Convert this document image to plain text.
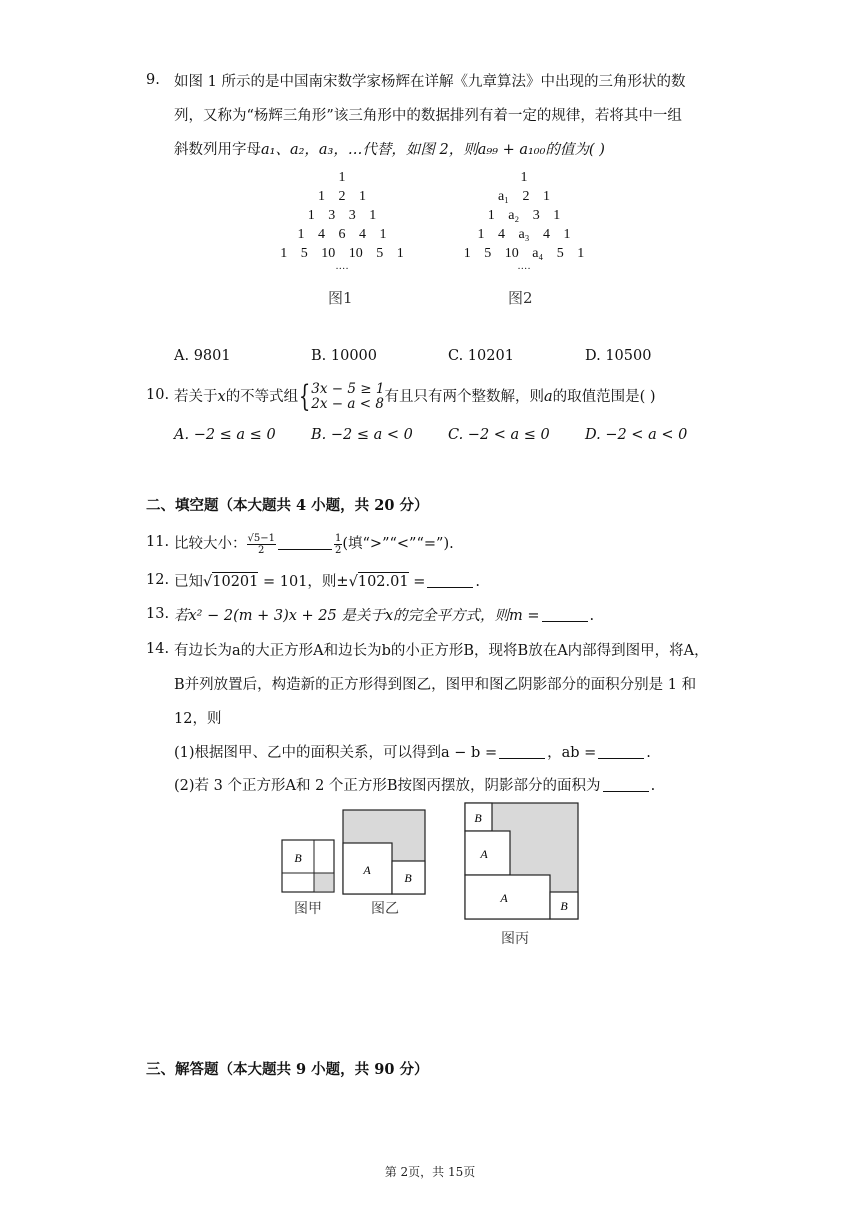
9. 如图 1 所示的是中国南宋数学家杨辉在详解《九章算法》中出现的三角形状的数
列，又称为“杨辉三角形”该三角形中的数据排列有着一定的规律，若将其中一组
斜数列用字母a₁、a₂，a₃，…代替，如图 2，则a₉₉ + a₁₀₀的值为( )
1
1 2 1
1 3 3 1
1 4 6 4 1
1 5 10 10 5 1
····
图1
1
a₁ 2 1
1 a₂ 3 1
1 4 a₃ 4 1
1 5 10 a₄ 5 1
····
图2
A. 9801	B. 10000	C. 10201	D. 10500
10. 若关于x的不等式组{ 3x − 5 ≥ 1
2x − a < 8 有且只有两个整数解，则a的取值范围是( )
A. −2 ≤ a ≤ 0 B. −2 ≤ a < 0 C. −2 < a ≤ 0 D. −2 < a < 0
二、填空题（本大题共 4 小题，共 20 分）
11. 比较大小： $\frac{√5-1}{2}$	$\frac{1}{2}$ (填“>”“<”“=”).
12. 已知√10201 = 101，则±√102.01 =	.
13. 若x² − 2(m + 3)x + 25 是关于x的完全平方式，则m =	.
14. 有边长为a的大正方形A和边长为b的小正方形B，现将B放在A内部得到图甲，将A，
B并列放置后，构造新的正方形得到图乙，图甲和图乙阴影部分的面积分别是 1 和
12，则
(1)根据图甲、乙中的面积关系，可以得到a − b =	，ab =	.
(2)若 3 个正方形A和 2 个正方形B按图丙摆放，阴影部分的面积为	.
B
图甲
A
B
图乙
B
A
A
B
图丙
三、解答题（本大题共 9 小题，共 90 分）
第 2页，共 15页
